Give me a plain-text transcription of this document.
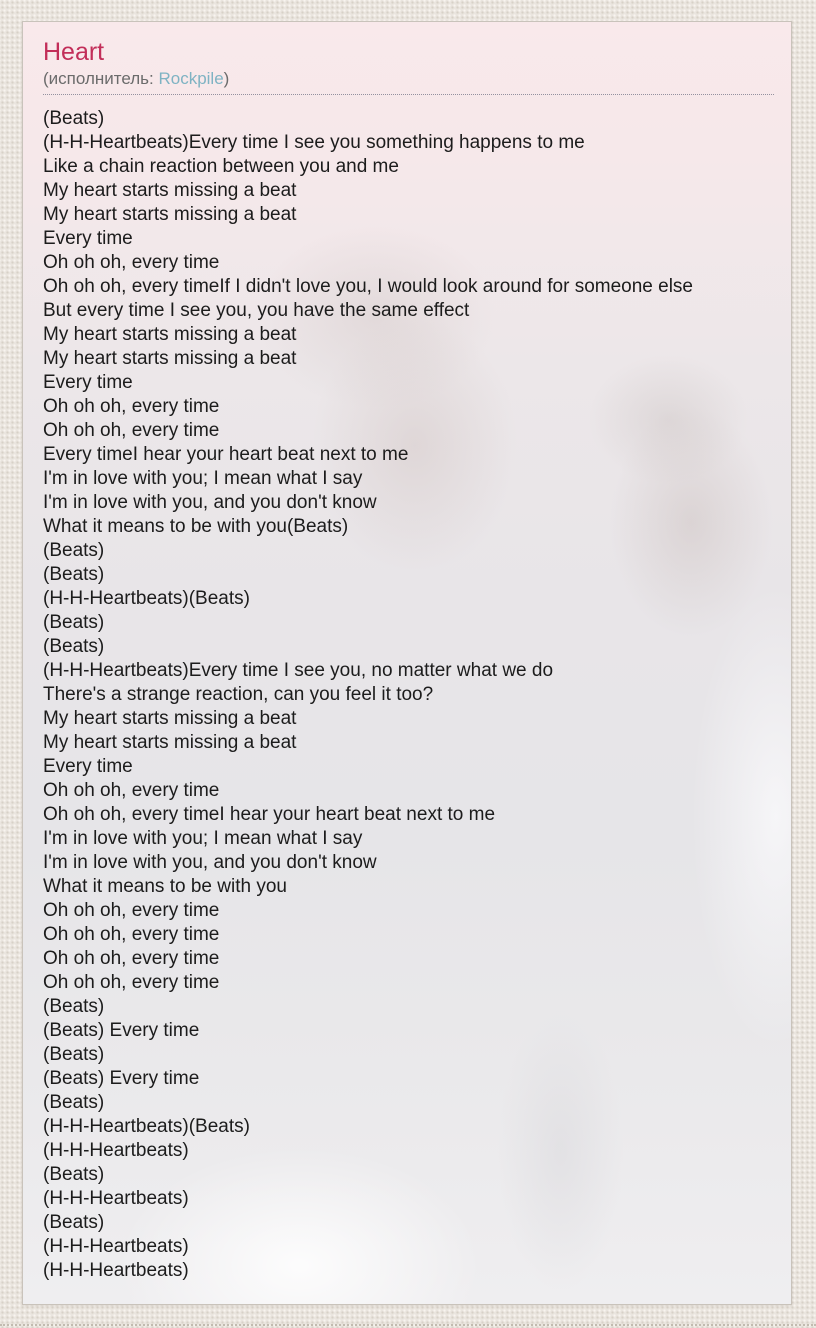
Heart
(исполнитель: Rockpile)
(Beats)
(H-H-Heartbeats)Every time I see you something happens to me
Like a chain reaction between you and me
My heart starts missing a beat
My heart starts missing a beat
Every time
Oh oh oh, every time
Oh oh oh, every timeIf I didn't love you, I would look around for someone else
But every time I see you, you have the same effect
My heart starts missing a beat
My heart starts missing a beat
Every time
Oh oh oh, every time
Oh oh oh, every time
Every timeI hear your heart beat next to me
I'm in love with you; I mean what I say
I'm in love with you, and you don't know
What it means to be with you(Beats)
(Beats)
(Beats)
(H-H-Heartbeats)(Beats)
(Beats)
(Beats)
(H-H-Heartbeats)Every time I see you, no matter what we do
There's a strange reaction, can you feel it too?
My heart starts missing a beat
My heart starts missing a beat
Every time
Oh oh oh, every time
Oh oh oh, every timeI hear your heart beat next to me
I'm in love with you; I mean what I say
I'm in love with you, and you don't know
What it means to be with you
Oh oh oh, every time
Oh oh oh, every time
Oh oh oh, every time
Oh oh oh, every time
(Beats)
(Beats) Every time
(Beats)
(Beats) Every time
(Beats)
(H-H-Heartbeats)(Beats)
(H-H-Heartbeats)
(Beats)
(H-H-Heartbeats)
(Beats)
(H-H-Heartbeats)
(H-H-Heartbeats)
